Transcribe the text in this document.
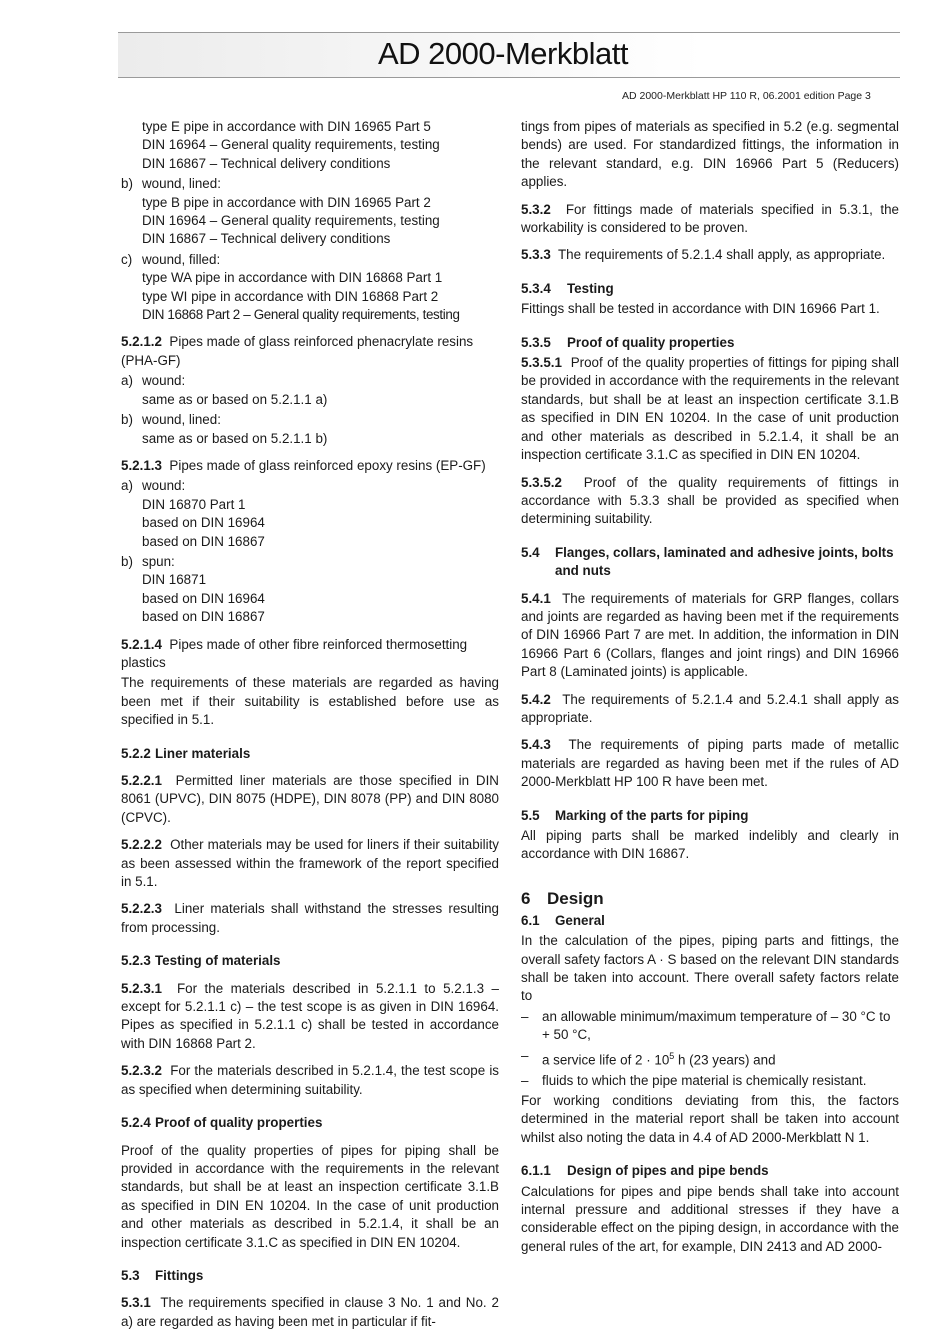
AD 2000-Merkblatt
AD 2000-Merkblatt HP 110 R, 06.2001 edition Page 3

type E pipe in accordance with DIN 16965 Part 5

DIN 16964 – General quality requirements, testing

DIN 16867 – Technical delivery conditions

b) wound, lined:

type B pipe in accordance with DIN 16965 Part 2

DIN 16964 – General quality requirements, testing

DIN 16867 – Technical delivery conditions

c) wound, filled:

type WA pipe in accordance with DIN 16868 Part 1

type WI pipe in accordance with DIN 16868 Part 2

DIN 16868 Part 2 – General quality requirements, testing

5.2.1.2 Pipes made of glass reinforced phenacrylate resins (PHA-GF)

a) wound:

same as or based on 5.2.1.1 a)

b) wound, lined:

same as or based on 5.2.1.1 b)

5.2.1.3 Pipes made of glass reinforced epoxy resins (EP-GF)

a) wound:

DIN 16870 Part 1

based on DIN 16964

based on DIN 16867

b) spun:

DIN 16871

based on DIN 16964

based on DIN 16867

5.2.1.4 Pipes made of other fibre reinforced thermosetting plastics

The requirements of these materials are regarded as having been met if their suitability is established before use as specified in 5.1.

5.2.2 Liner materials

5.2.2.1 Permitted liner materials are those specified in DIN 8061 (UPVC), DIN 8075 (HDPE), DIN 8078 (PP) and DIN 8080 (CPVC).

5.2.2.2 Other materials may be used for liners if their suitability as been assessed within the framework of the report specified in 5.1.

5.2.2.3 Liner materials shall withstand the stresses resulting from processing.

5.2.3 Testing of materials

5.2.3.1 For the materials described in 5.2.1.1 to 5.2.1.3 – except for 5.2.1.1 c) – the test scope is as given in DIN 16964. Pipes as specified in 5.2.1.1 c) shall be tested in accordance with DIN 16868 Part 2.

5.2.3.2 For the materials described in 5.2.1.4, the test scope is as specified when determining suitability.

5.2.4 Proof of quality properties

Proof of the quality properties of pipes for piping shall be provided in accordance with the requirements in the relevant standards, but shall be at least an inspection certificate 3.1.B as specified in DIN EN 10204. In the case of unit production and other materials as described in 5.2.1.4, it shall be an inspection certificate 3.1.C as specified in DIN EN 10204.

5.3	Fittings

5.3.1 The requirements specified in clause 3 No. 1 and No. 2 a) are regarded as having been met in particular if fit-

tings from pipes of materials as specified in 5.2 (e.g. segmental bends) are used. For standardized fittings, the information in the relevant standard, e.g. DIN 16966 Part 5 (Reducers) applies.

5.3.2 For fittings made of materials specified in 5.3.1, the workability is considered to be proven.

5.3.3 The requirements of 5.2.1.4 shall apply, as appropriate.

5.3.4	Testing

Fittings shall be tested in accordance with DIN 16966 Part 1.

5.3.5	Proof of quality properties

5.3.5.1 Proof of the quality properties of fittings for piping shall be provided in accordance with the requirements in the relevant standards, but shall be at least an inspection certificate 3.1.B as specified in DIN EN 10204. In the case of unit production and other materials as described in 5.2.1.4, it shall be an inspection certificate 3.1.C as specified in DIN EN 10204.

5.3.5.2 Proof of the quality requirements of fittings in accordance with 5.3.3 shall be provided as specified when determining suitability.

5.4	Flanges, collars, laminated and adhesive joints, bolts and nuts

5.4.1 The requirements of materials for GRP flanges, collars and joints are regarded as having been met if the requirements of DIN 16966 Part 7 are met. In addition, the information in DIN 16966 Part 6 (Collars, flanges and joint rings) and DIN 16966 Part 8 (Laminated joints) is applicable.

5.4.2 The requirements of 5.2.1.4 and 5.2.4.1 shall apply as appropriate.

5.4.3 The requirements of piping parts made of metallic materials are regarded as having been met if the rules of AD 2000-Merkblatt HP 100 R have been met.

5.5	Marking of the parts for piping

All piping parts shall be marked indelibly and clearly in accordance with DIN 16867.

6 Design
6.1	General

In the calculation of the pipes, piping parts and fittings, the overall safety factors A · S based on the relevant DIN standards shall be taken into account. There overall safety factors relate to

–	an allowable minimum/maximum temperature of – 30 °C to + 50 °C,
–	a service life of $2 \cdot 10^5$ h (23 years) and
–	fluids to which the pipe material is chemically resistant.

For working conditions deviating from this, the factors determined in the material report shall be taken into account whilst also noting the data in 4.4 of AD 2000-Merkblatt N 1.

6.1.1	Design of pipes and pipe bends

Calculations for pipes and pipe bends shall take into account internal pressure and additional stresses if they have a considerable effect on the piping design, in accordance with the general rules of the art, for example, DIN 2413 and AD 2000-
